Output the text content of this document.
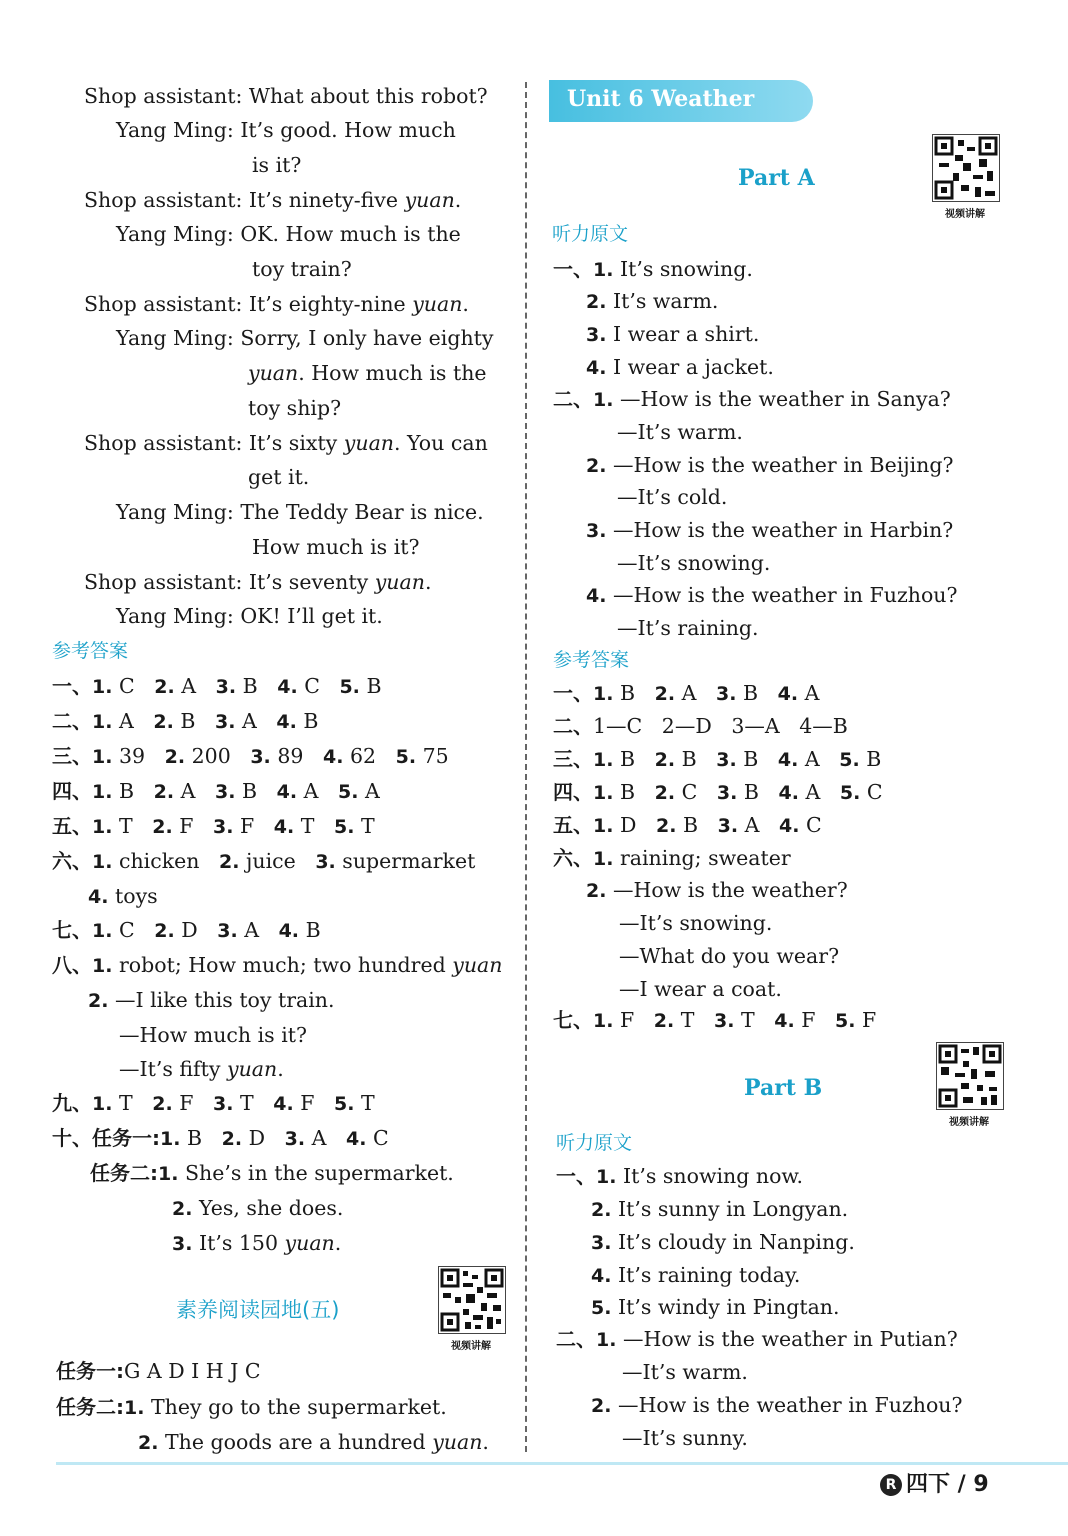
Shop assistant: What about this robot?
Yang Ming: It’s good. How much
is it?
Shop assistant: It’s ninety-five yuan.
Yang Ming: OK. How much is the
toy train?
Shop assistant: It’s eighty-nine yuan.
Yang Ming: Sorry, I only have eighty
yuan. How much is the
toy ship?
Shop assistant: It’s sixty yuan. You can
get it.
Yang Ming: The Teddy Bear is nice.
How much is it?
Shop assistant: It’s seventy yuan.
Yang Ming: OK! I’ll get it.
参考答案
一、1. C 2. A 3. B 4. C 5. B
二、1. A 2. B 3. A 4. B
三、1. 39 2. 200 3. 89 4. 62 5. 75
四、1. B 2. A 3. B 4. A 5. A
五、1. T 2. F 3. F 4. T 5. T
六、1. chicken 2. juice 3. supermarket
4. toys
七、1. C 2. D 3. A 4. B
八、1. robot; How much; two hundred yuan
2. —I like this toy train.
—How much is it?
—It’s fifty yuan.
九、1. T 2. F 3. T 4. F 5. T
十、任务一:1. B 2. D 3. A 4. C
任务二:1. She’s in the supermarket.
2. Yes, she does.
3. It’s 150 yuan.
素养阅读园地(五)
视频讲解
任务一:G A D I H J C
任务二:1. They go to the supermarket.
2. The goods are a hundred yuan.
Unit 6 Weather
Part A
视频讲解
听力原文
一、1. It’s snowing.
2. It’s warm.
3. I wear a shirt.
4. I wear a jacket.
二、1. —How is the weather in Sanya?
—It’s warm.
2. —How is the weather in Beijing?
—It’s cold.
3. —How is the weather in Harbin?
—It’s snowing.
4. —How is the weather in Fuzhou?
—It’s raining.
参考答案
一、1. B 2. A 3. B 4. A
二、1—C 2—D 3—A 4—B
三、1. B 2. B 3. B 4. A 5. B
四、1. B 2. C 3. B 4. A 5. C
五、1. D 2. B 3. A 4. C
六、1. raining; sweater
2. —How is the weather?
—It’s snowing.
—What do you wear?
—I wear a coat.
七、1. F 2. T 3. T 4. F 5. F
Part B
视频讲解
听力原文
一、1. It’s snowing now.
2. It’s sunny in Longyan.
3. It’s cloudy in Nanping.
4. It’s raining today.
5. It’s windy in Pingtan.
二、1. —How is the weather in Putian?
—It’s warm.
2. —How is the weather in Fuzhou?
—It’s sunny.
R 四下 / 9
